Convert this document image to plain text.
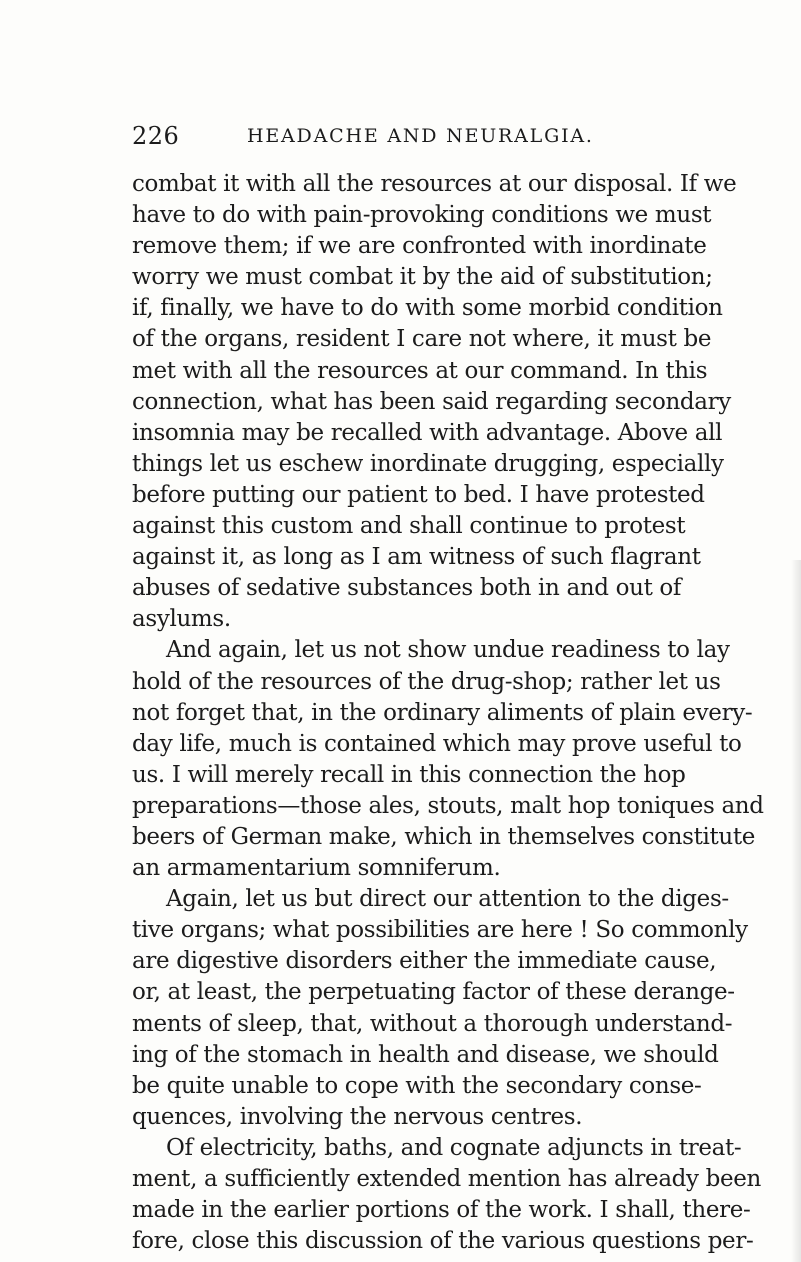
226	HEADACHE AND NEURALGIA.
combat it with all the resources at our disposal. If we
have to do with pain-provoking conditions we must
remove them; if we are confronted with inordinate
worry we must combat it by the aid of substitution;
if, finally, we have to do with some morbid condition
of the organs, resident I care not where, it must be
met with all the resources at our command. In this
connection, what has been said regarding secondary
insomnia may be recalled with advantage. Above all
things let us eschew inordinate drugging, especially
before putting our patient to bed. I have protested
against this custom and shall continue to protest
against it, as long as I am witness of such flagrant
abuses of sedative substances both in and out of
asylums.
And again, let us not show undue readiness to lay
hold of the resources of the drug-shop; rather let us
not forget that, in the ordinary aliments of plain every-
day life, much is contained which may prove useful to
us. I will merely recall in this connection the hop
preparations—those ales, stouts, malt hop toniques and
beers of German make, which in themselves constitute
an armamentarium somniferum.
Again, let us but direct our attention to the diges-
tive organs; what possibilities are here ! So commonly
are digestive disorders either the immediate cause,
or, at least, the perpetuating factor of these derange-
ments of sleep, that, without a thorough understand-
ing of the stomach in health and disease, we should
be quite unable to cope with the secondary conse-
quences, involving the nervous centres.
Of electricity, baths, and cognate adjuncts in treat-
ment, a sufficiently extended mention has already been
made in the earlier portions of the work. I shall, there-
fore, close this discussion of the various questions per-
